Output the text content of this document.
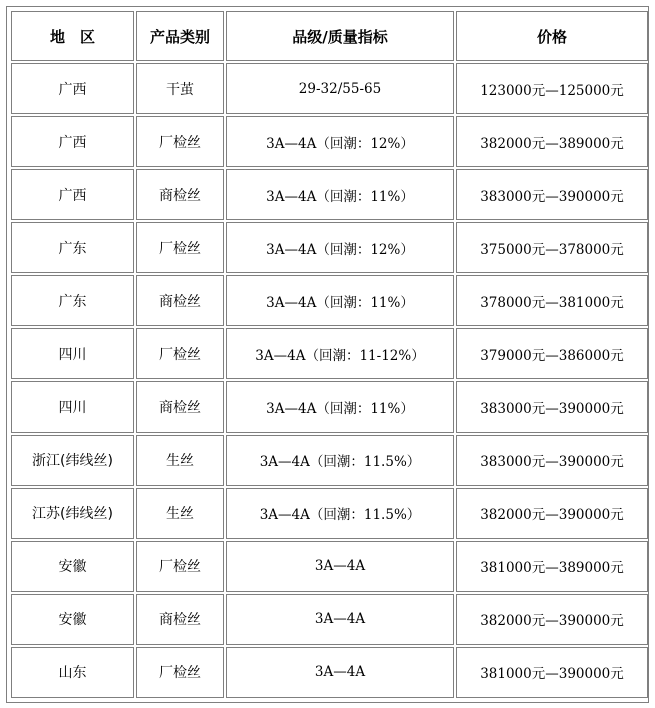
地　区	产品类别	品级/质量指标	价格
广西	干茧	29-32/55-65	123000元—125000元
广西	厂检丝	3A—4A（回潮：12%）	382000元—389000元
广西	商检丝	3A—4A（回潮：11%）	383000元—390000元
广东	厂检丝	3A—4A（回潮：12%）	375000元—378000元
广东	商检丝	3A—4A（回潮：11%）	378000元—381000元
四川	厂检丝	3A—4A（回潮：11-12%）	379000元—386000元
四川	商检丝	3A—4A（回潮：11%）	383000元—390000元
浙江(纬线丝)	生丝	3A—4A（回潮：11.5%）	383000元—390000元
江苏(纬线丝)	生丝	3A—4A（回潮：11.5%）	382000元—390000元
安徽	厂检丝	3A—4A	381000元—389000元
安徽	商检丝	3A—4A	382000元—390000元
山东	厂检丝	3A—4A	381000元—390000元
